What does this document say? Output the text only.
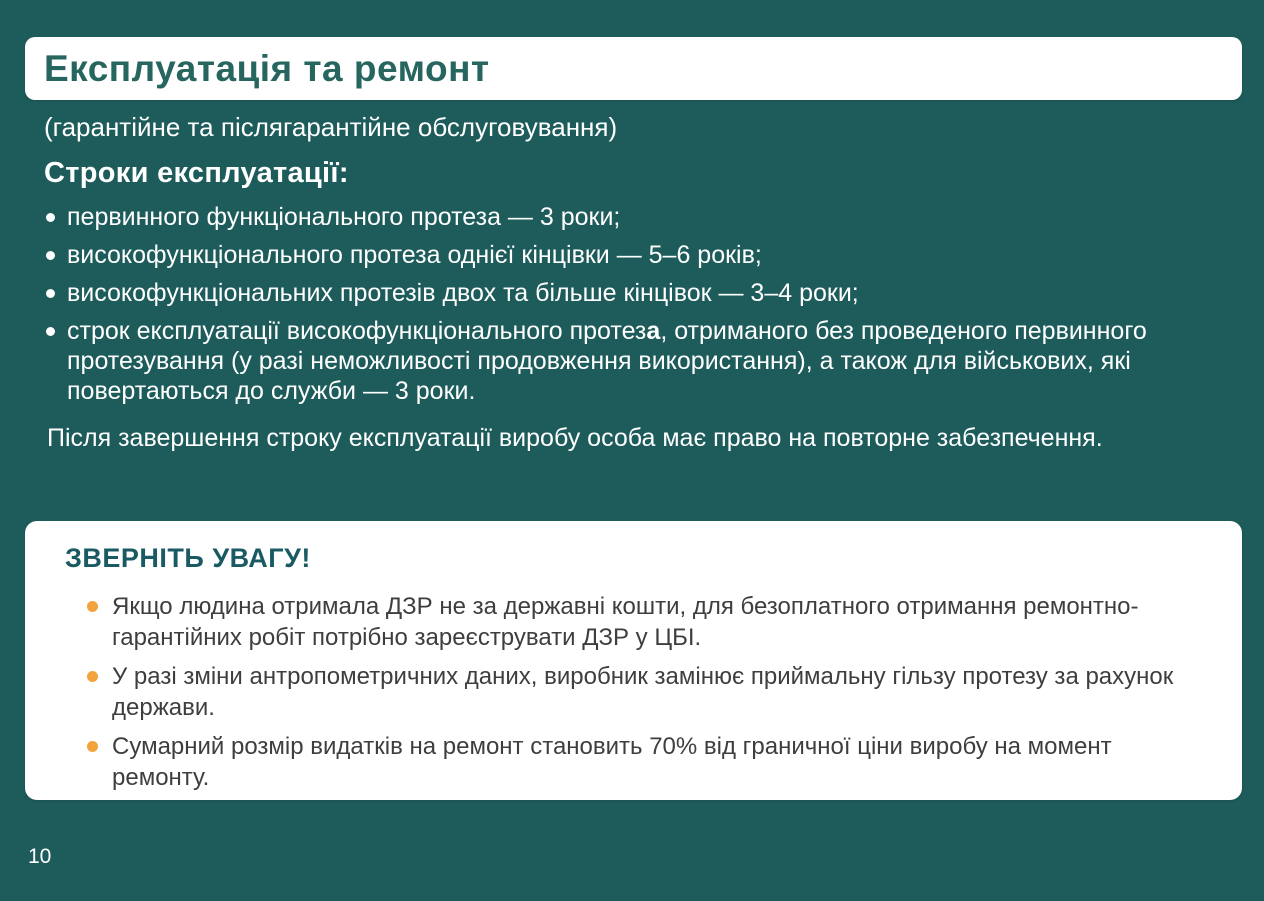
Експлуатація та ремонт
(гарантійне та післягарантійне обслуговування)
Строки експлуатації:
первинного функціонального протеза — 3 роки;
високофункціонального протеза однієї кінцівки — 5–6 років;
високофункціональних протезів двох та більше кінцівок — 3–4 роки;
строк експлуатації високофункціонального протеза, отриманого без проведеного первинного протезування (у разі неможливості продовження використання), а також для військових, які повертаються до служби — 3 роки.

Після завершення строку експлуатації виробу особа має право на повторне забезпечення.

ЗВЕРНІТЬ УВАГУ!
Якщо людина отримала ДЗР не за державні кошти, для безоплатного отримання ремонтно-гарантійних робіт потрібно зареєструвати ДЗР у ЦБІ.
У разі зміни антропометричних даних, виробник замінює приймальну гільзу протезу за рахунок держави.
Сумарний розмір видатків на ремонт становить 70% від граничної ціни виробу на момент ремонту.
10
